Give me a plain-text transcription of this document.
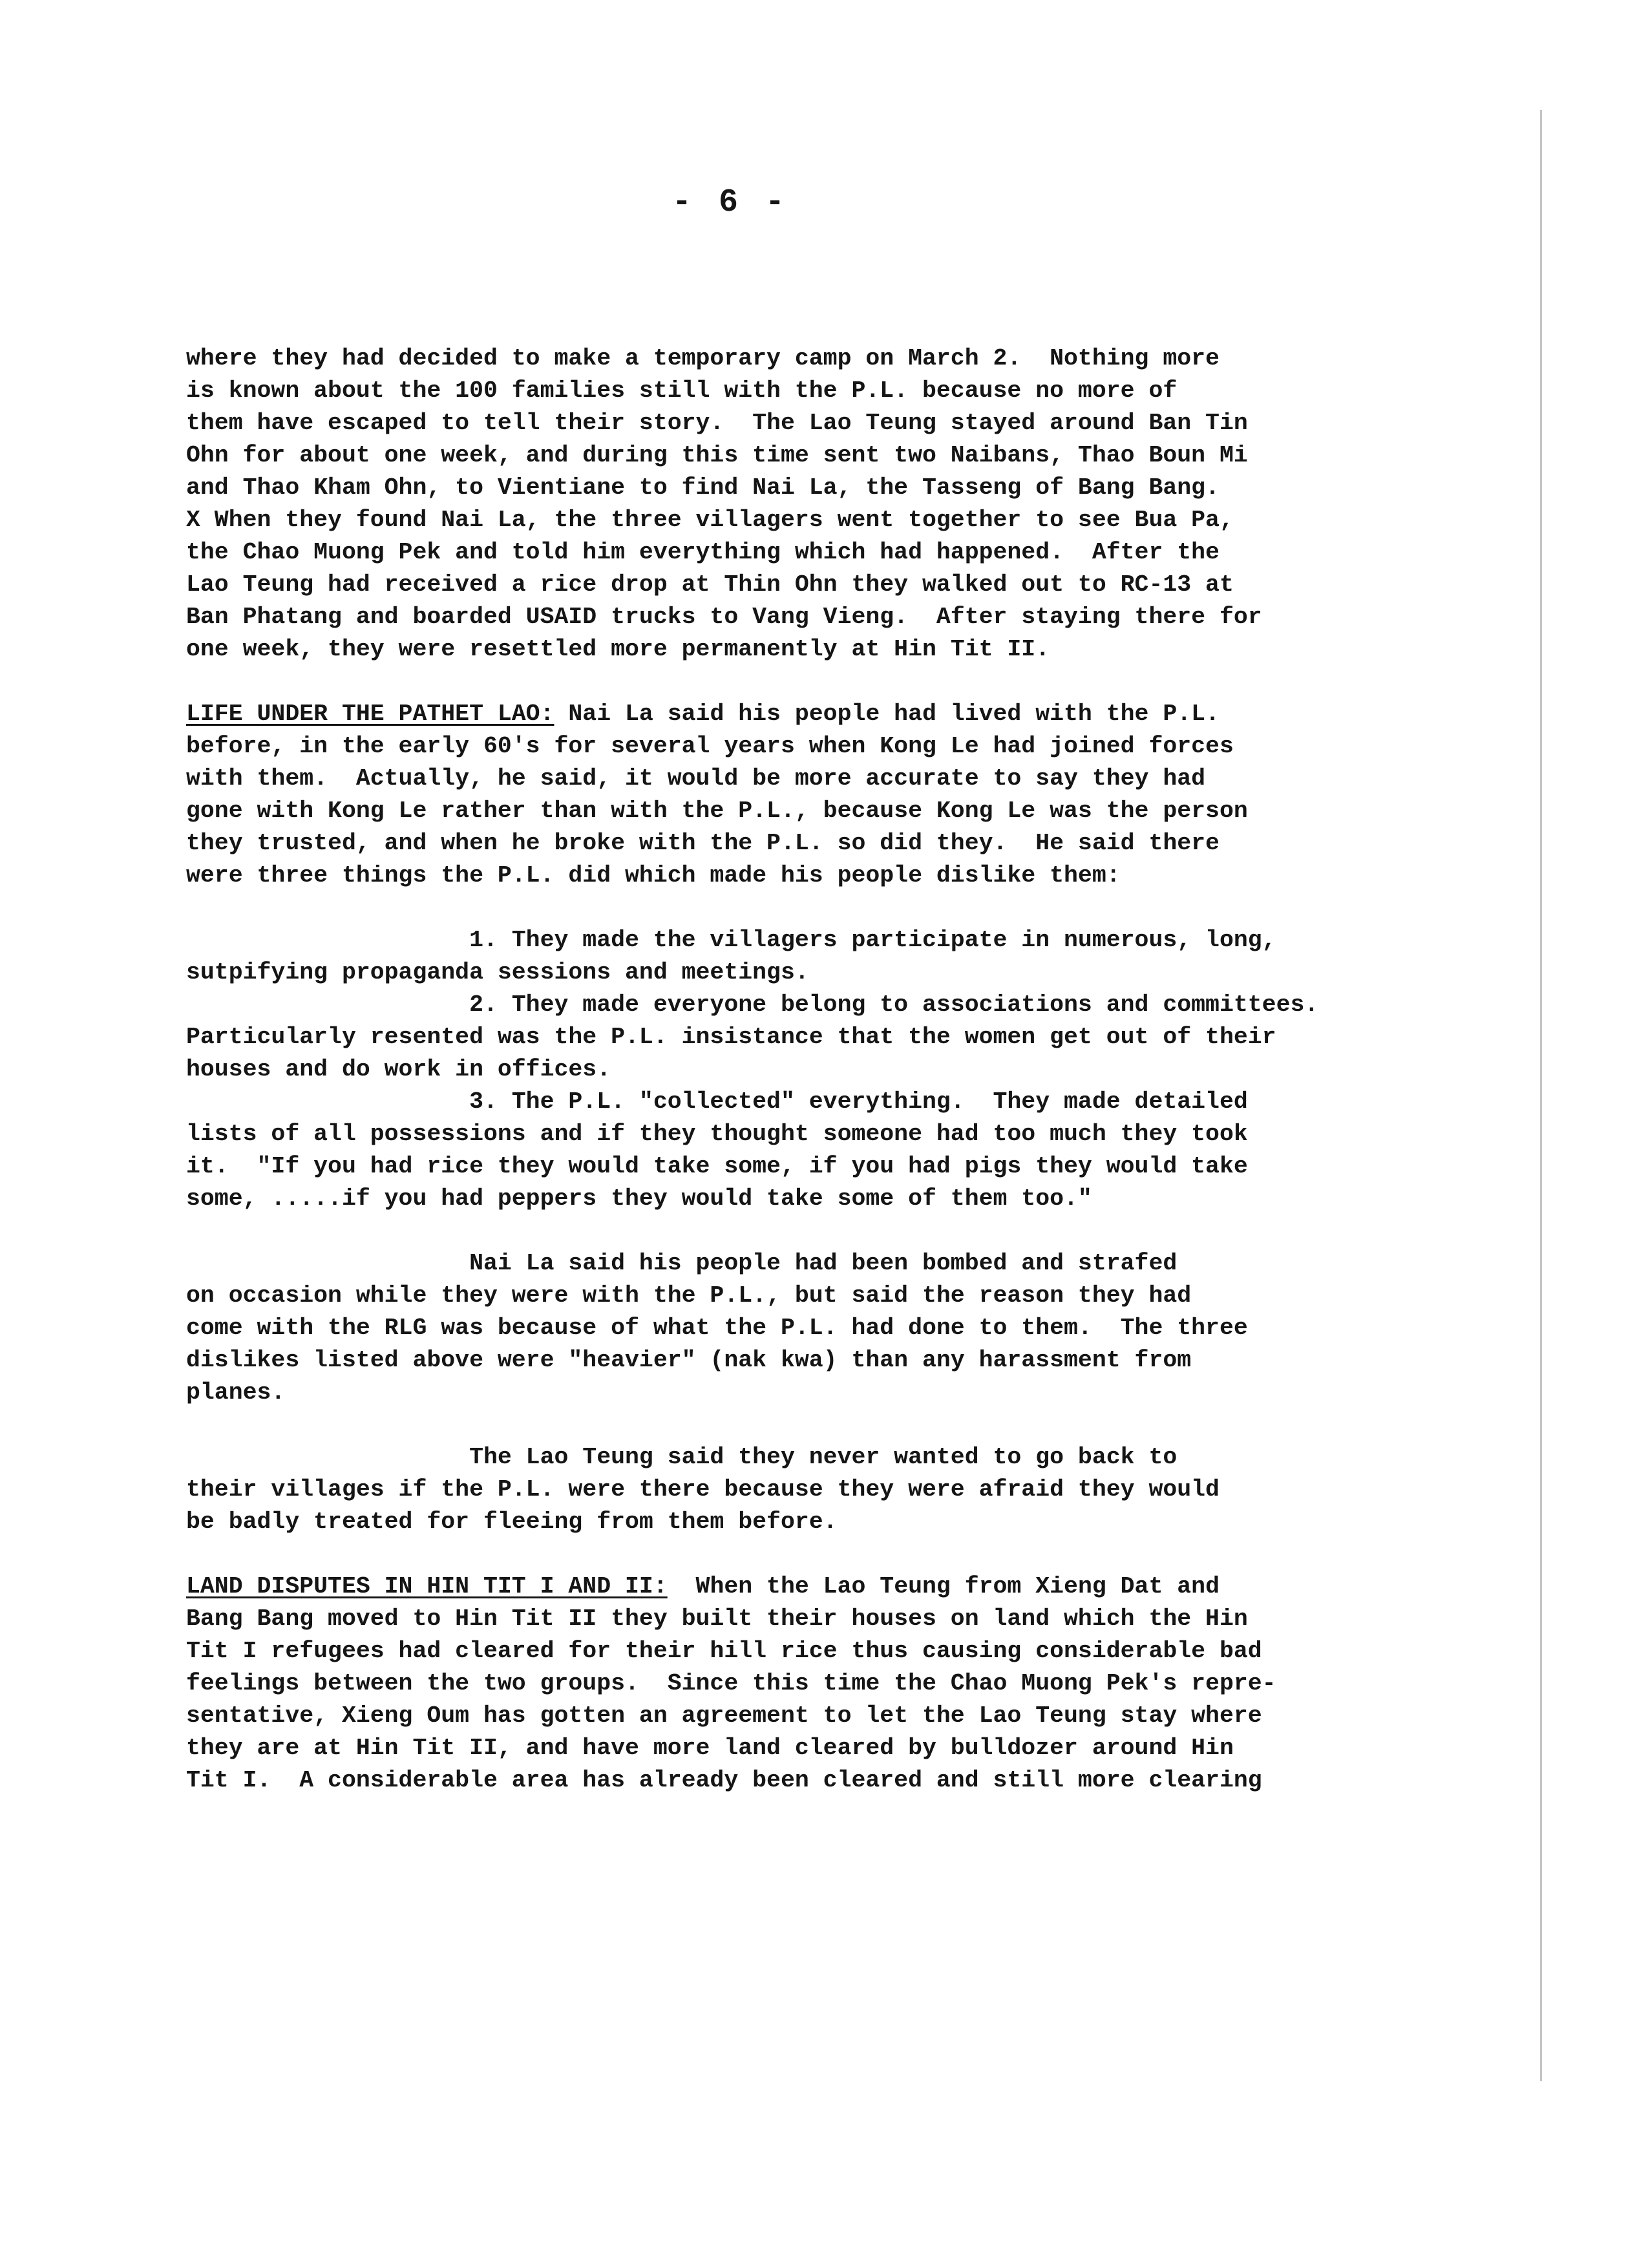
- 6 -
where they had decided to make a temporary camp on March 2.  Nothing more
is known about the 100 families still with the P.L. because no more of
them have escaped to tell their story.  The Lao Teung stayed around Ban Tin
Ohn for about one week, and during this time sent two Naibans, Thao Boun Mi
and Thao Kham Ohn, to Vientiane to find Nai La, the Tasseng of Bang Bang.
X When they found Nai La, the three villagers went together to see Bua Pa,
the Chao Muong Pek and told him everything which had happened.  After the
Lao Teung had received a rice drop at Thin Ohn they walked out to RC-13 at
Ban Phatang and boarded USAID trucks to Vang Vieng.  After staying there for
one week, they were resettled more permanently at Hin Tit II.
LIFE UNDER THE PATHET LAO: Nai La said his people had lived with the P.L.
before, in the early 60's for several years when Kong Le had joined forces
with them.  Actually, he said, it would be more accurate to say they had
gone with Kong Le rather than with the P.L., because Kong Le was the person
they trusted, and when he broke with the P.L. so did they.  He said there
were three things the P.L. did which made his people dislike them:
1. They made the villagers participate in numerous, long,
sutpifying propaganda sessions and meetings.
2. They made everyone belong to associations and committees.
Particularly resented was the P.L. insistance that the women get out of their
houses and do work in offices.
3. The P.L. "collected" everything.  They made detailed
lists of all possessions and if they thought someone had too much they took
it.  "If you had rice they would take some, if you had pigs they would take
some, .....if you had peppers they would take some of them too."
Nai La said his people had been bombed and strafed
on occasion while they were with the P.L., but said the reason they had
come with the RLG was because of what the P.L. had done to them.  The three
dislikes listed above were "heavier" (nak kwa) than any harassment from
planes.
The Lao Teung said they never wanted to go back to
their villages if the P.L. were there because they were afraid they would
be badly treated for fleeing from them before.
LAND DISPUTES IN HIN TIT I AND II:  When the Lao Teung from Xieng Dat and
Bang Bang moved to Hin Tit II they built their houses on land which the Hin
Tit I refugees had cleared for their hill rice thus causing considerable bad
feelings between the two groups.  Since this time the Chao Muong Pek's repre-
sentative, Xieng Oum has gotten an agreement to let the Lao Teung stay where
they are at Hin Tit II, and have more land cleared by bulldozer around Hin
Tit I.  A considerable area has already been cleared and still more clearing
